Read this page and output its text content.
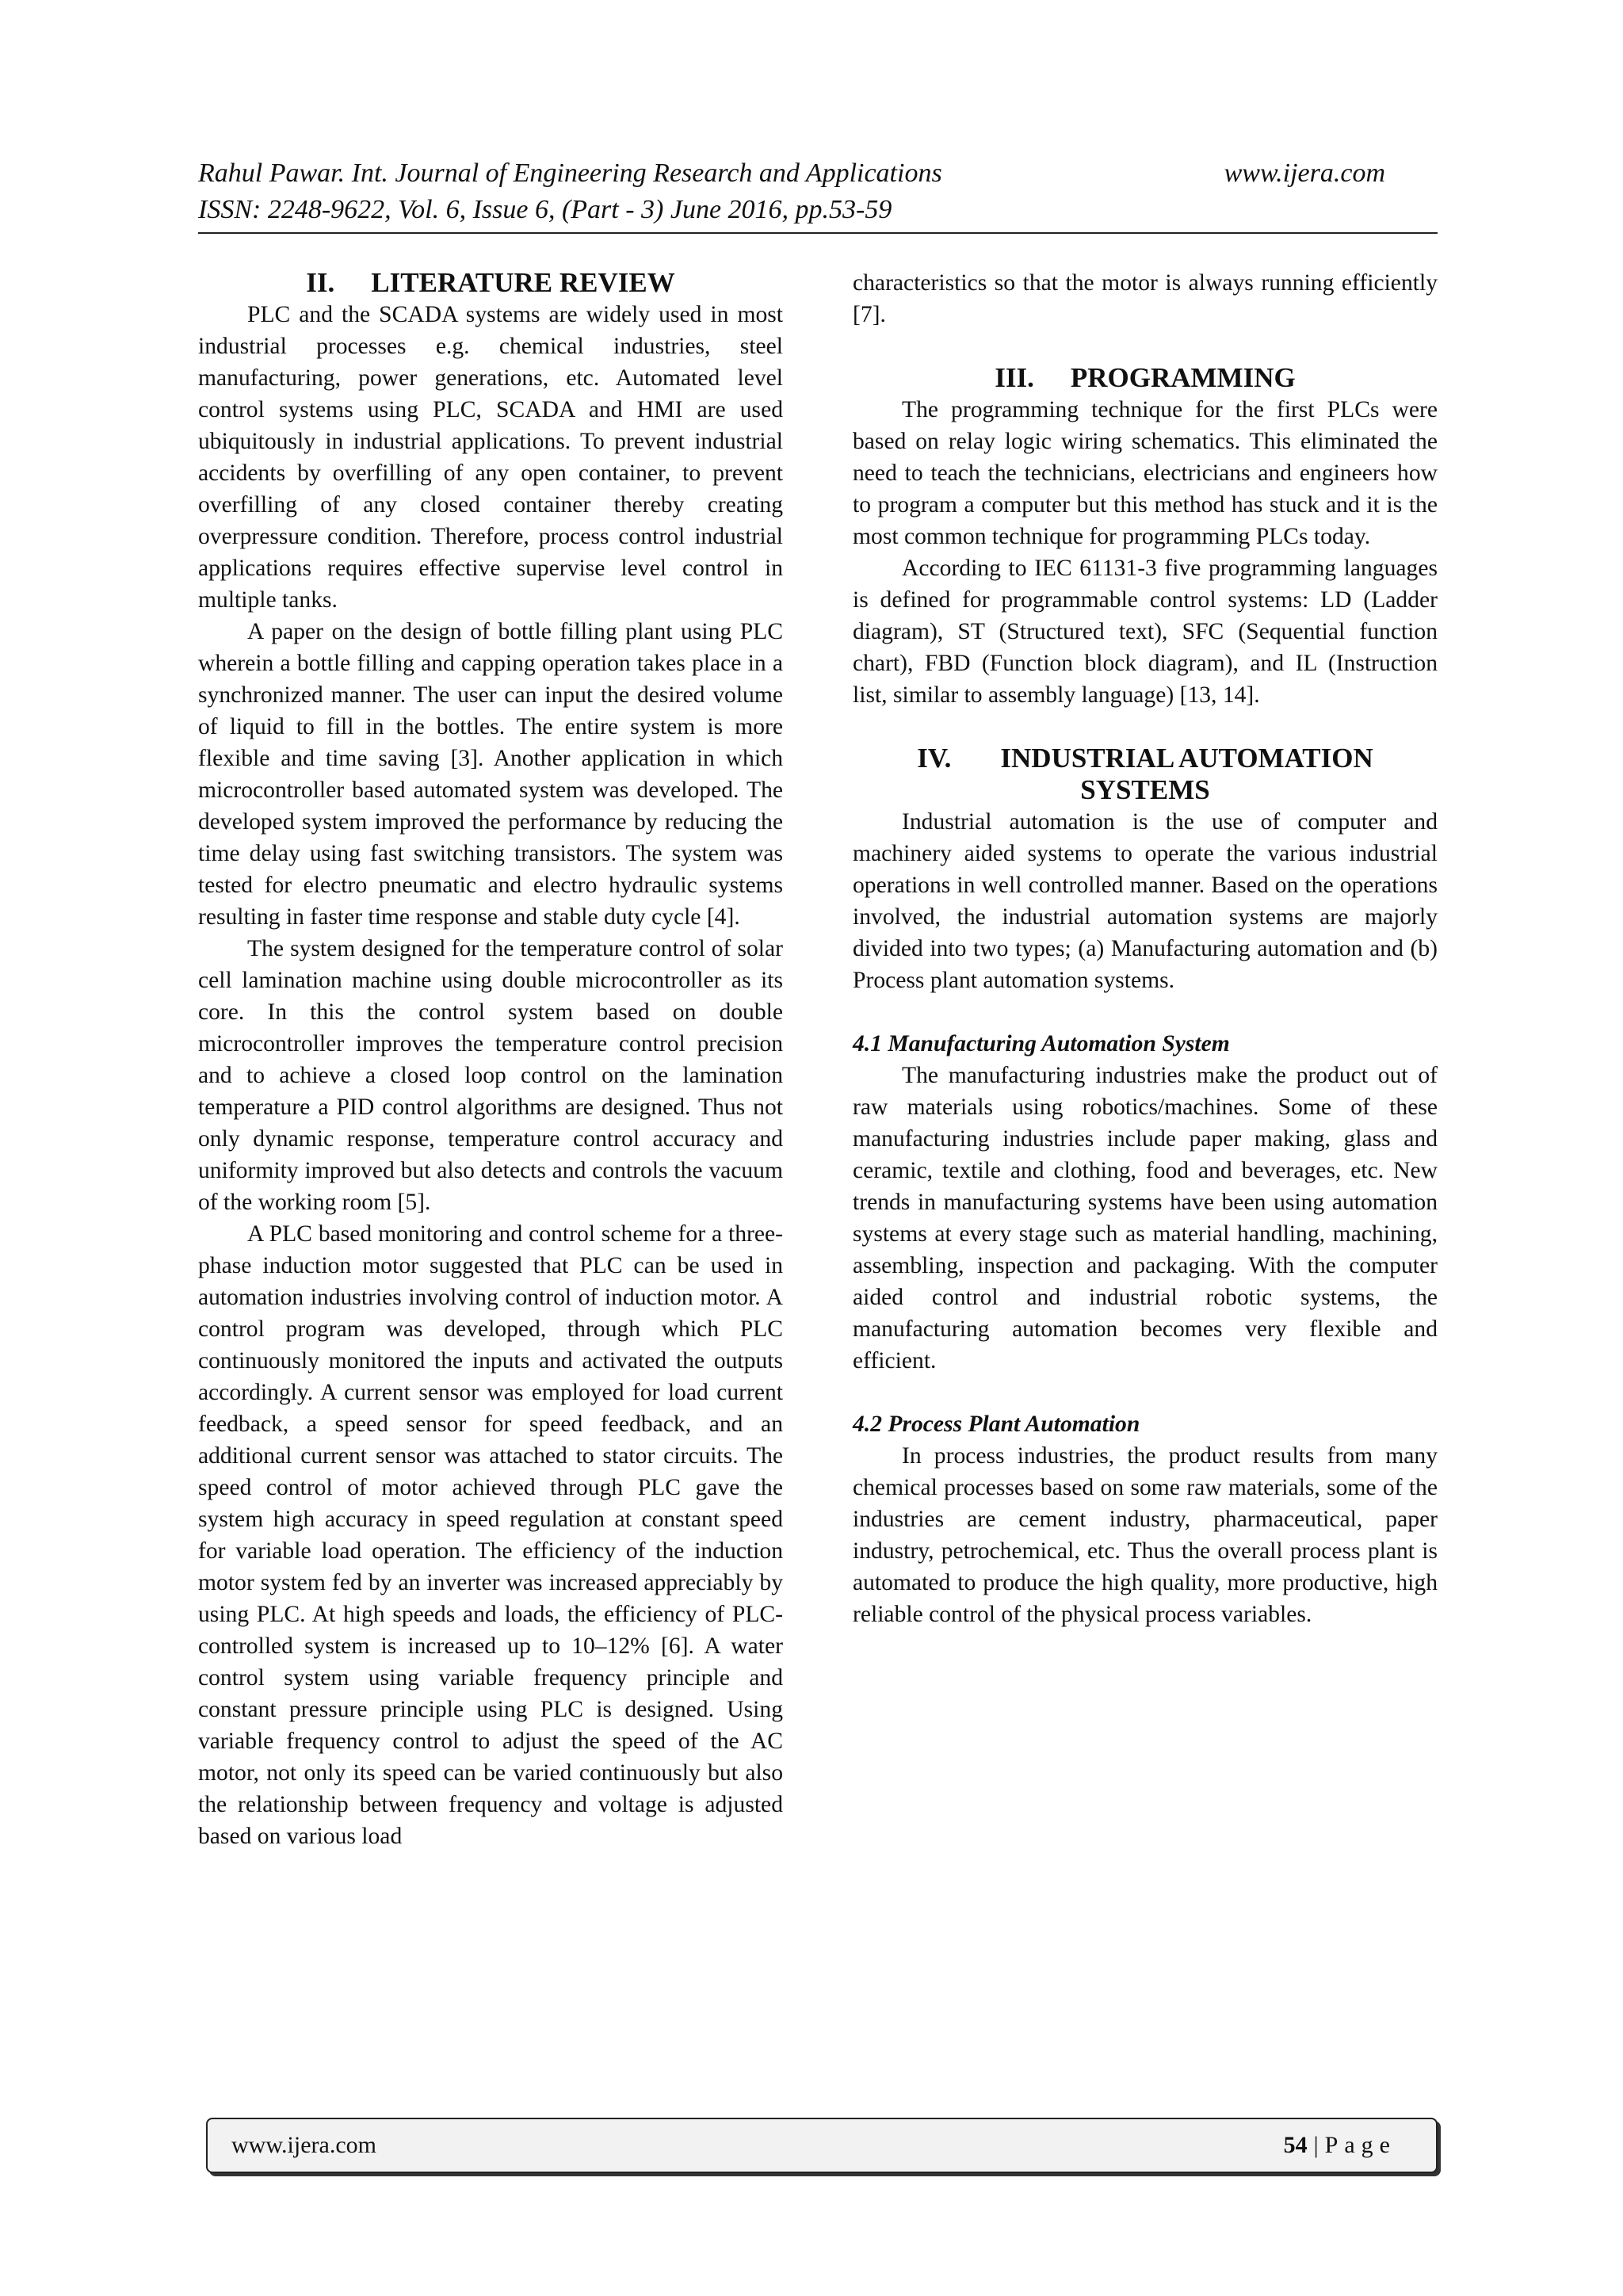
Rahul Pawar. Int. Journal of Engineering Research and Applications	www.ijera.com
ISSN: 2248-9622, Vol. 6, Issue 6, (Part - 3) June 2016, pp.53-59
II. LITERATURE REVIEW

PLC and the SCADA systems are widely used in most industrial processes e.g. chemical industries, steel manufacturing, power generations, etc. Automated level control systems using PLC, SCADA and HMI are used ubiquitously in industrial applications. To prevent industrial accidents by overfilling of any open container, to prevent overfilling of any closed container thereby creating overpressure condition. Therefore, process control industrial applications requires effective supervise level control in multiple tanks.

A paper on the design of bottle filling plant using PLC wherein a bottle filling and capping operation takes place in a synchronized manner. The user can input the desired volume of liquid to fill in the bottles. The entire system is more flexible and time saving [3]. Another application in which microcontroller based automated system was developed. The developed system improved the performance by reducing the time delay using fast switching transistors. The system was tested for electro pneumatic and electro hydraulic systems resulting in faster time response and stable duty cycle [4].

The system designed for the temperature control of solar cell lamination machine using double microcontroller as its core. In this the control system based on double microcontroller improves the temperature control precision and to achieve a closed loop control on the lamination temperature a PID control algorithms are designed. Thus not only dynamic response, temperature control accuracy and uniformity improved but also detects and controls the vacuum of the working room [5].

A PLC based monitoring and control scheme for a three-phase induction motor suggested that PLC can be used in automation industries involving control of induction motor. A control program was developed, through which PLC continuously monitored the inputs and activated the outputs accordingly. A current sensor was employed for load current feedback, a speed sensor for speed feedback, and an additional current sensor was attached to stator circuits. The speed control of motor achieved through PLC gave the system high accuracy in speed regulation at constant speed for variable load operation. The efficiency of the induction motor system fed by an inverter was increased appreciably by using PLC. At high speeds and loads, the efficiency of PLC-controlled system is increased up to 10–12% [6]. A water control system using variable frequency principle and constant pressure principle using PLC is designed. Using variable frequency control to adjust the speed of the AC motor, not only its speed can be varied continuously but also the relationship between frequency and voltage is adjusted based on various load

characteristics so that the motor is always running efficiently [7].

III. PROGRAMMING

The programming technique for the first PLCs were based on relay logic wiring schematics. This eliminated the need to teach the technicians, electricians and engineers how to program a computer but this method has stuck and it is the most common technique for programming PLCs today.

According to IEC 61131-3 five programming languages is defined for programmable control systems: LD (Ladder diagram), ST (Structured text), SFC (Sequential function chart), FBD (Function block diagram), and IL (Instruction list, similar to assembly language) [13, 14].

IV. INDUSTRIAL AUTOMATION SYSTEMS

Industrial automation is the use of computer and machinery aided systems to operate the various industrial operations in well controlled manner. Based on the operations involved, the industrial automation systems are majorly divided into two types; (a) Manufacturing automation and (b) Process plant automation systems.

4.1 Manufacturing Automation System

The manufacturing industries make the product out of raw materials using robotics/machines. Some of these manufacturing industries include paper making, glass and ceramic, textile and clothing, food and beverages, etc. New trends in manufacturing systems have been using automation systems at every stage such as material handling, machining, assembling, inspection and packaging. With the computer aided control and industrial robotic systems, the manufacturing automation becomes very flexible and efficient.

4.2 Process Plant Automation

In process industries, the product results from many chemical processes based on some raw materials, some of the industries are cement industry, pharmaceutical, paper industry, petrochemical, etc. Thus the overall process plant is automated to produce the high quality, more productive, high reliable control of the physical process variables.

www.ijera.com	54 | Page
